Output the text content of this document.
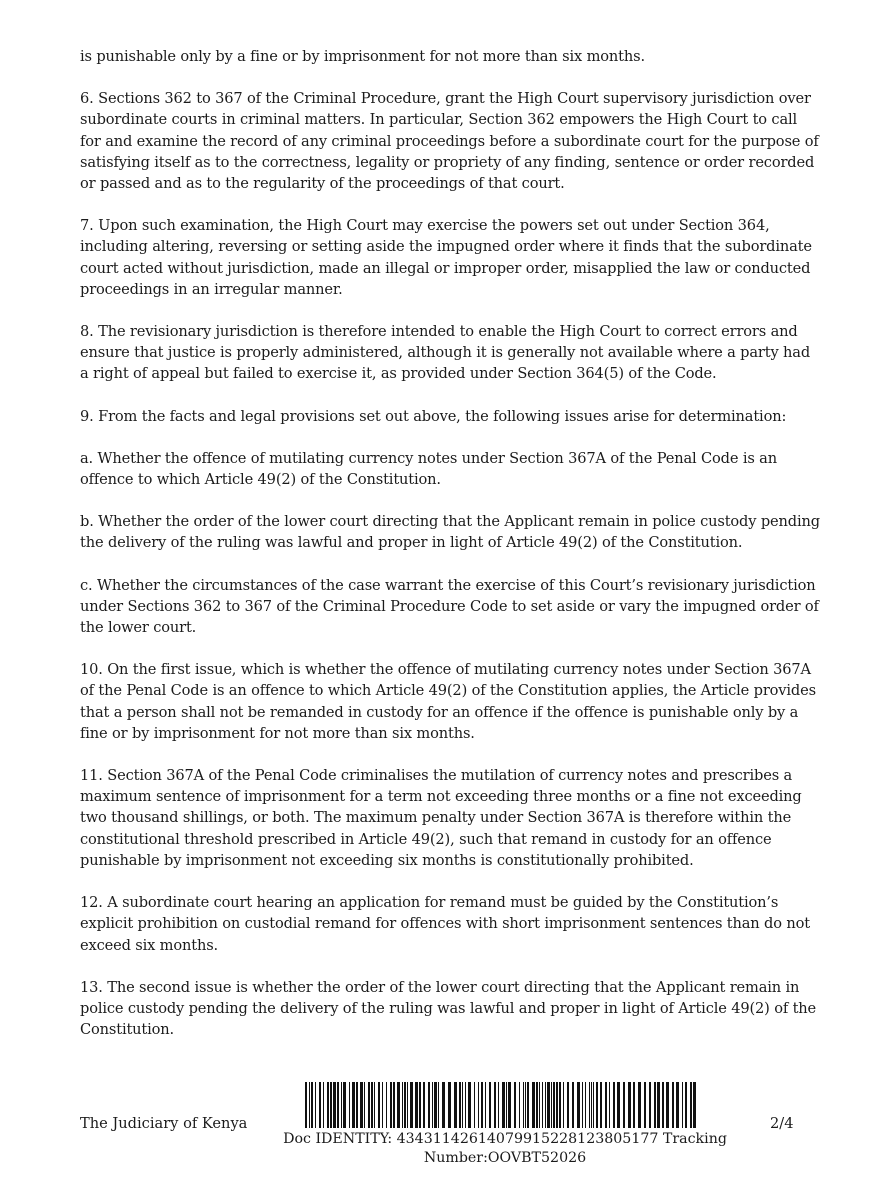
is punishable only by a fine or by imprisonment for not more than six months.

6. Sections 362 to 367 of the Criminal Procedure, grant the High Court supervisory jurisdiction over subordinate courts in criminal matters. In particular, Section 362 empowers the High Court to call for and examine the record of any criminal proceedings before a subordinate court for the purpose of satisfying itself as to the correctness, legality or propriety of any finding, sentence or order recorded or passed and as to the regularity of the proceedings of that court.

7. Upon such examination, the High Court may exercise the powers set out under Section 364, including altering, reversing or setting aside the impugned order where it finds that the subordinate court acted without jurisdiction, made an illegal or improper order, misapplied the law or conducted proceedings in an irregular manner.

8. The revisionary jurisdiction is therefore intended to enable the High Court to correct errors and ensure that justice is properly administered, although it is generally not available where a party had a right of appeal but failed to exercise it, as provided under Section 364(5) of the Code.

9. From the facts and legal provisions set out above, the following issues arise for determination:

a. Whether the offence of mutilating currency notes under Section 367A of the Penal Code is an offence to which Article 49(2) of the Constitution.

b. Whether the order of the lower court directing that the Applicant remain in police custody pending the delivery of the ruling was lawful and proper in light of Article 49(2) of the Constitution.

c. Whether the circumstances of the case warrant the exercise of this Court’s revisionary jurisdiction under Sections 362 to 367 of the Criminal Procedure Code to set aside or vary the impugned order of the lower court.

10. On the first issue, which is whether the offence of mutilating currency notes under Section 367A of the Penal Code is an offence to which Article 49(2) of the Constitution applies, the Article provides that a person shall not be remanded in custody for an offence if the offence is punishable only by a fine or by imprisonment for not more than six months.

11. Section 367A of the Penal Code criminalises the mutilation of currency notes and prescribes a maximum sentence of imprisonment for a term not exceeding three months or a fine not exceeding two thousand shillings, or both. The maximum penalty under Section 367A is therefore within the constitutional threshold prescribed in Article 49(2), such that remand in custody for an offence punishable by imprisonment not exceeding six months is constitutionally prohibited.

12. A subordinate court hearing an application for remand must be guided by the Constitution’s explicit prohibition on custodial remand for offences with short imprisonment sentences than do not exceed six months.

13. The second issue is whether the order of the lower court directing that the Applicant remain in police custody pending the delivery of the ruling was lawful and proper in light of Article 49(2) of the Constitution.

The Judiciary of Kenya	2/4
Doc IDENTITY: 434311426140799152281238051​77 Tracking Number:OOVBT52026
